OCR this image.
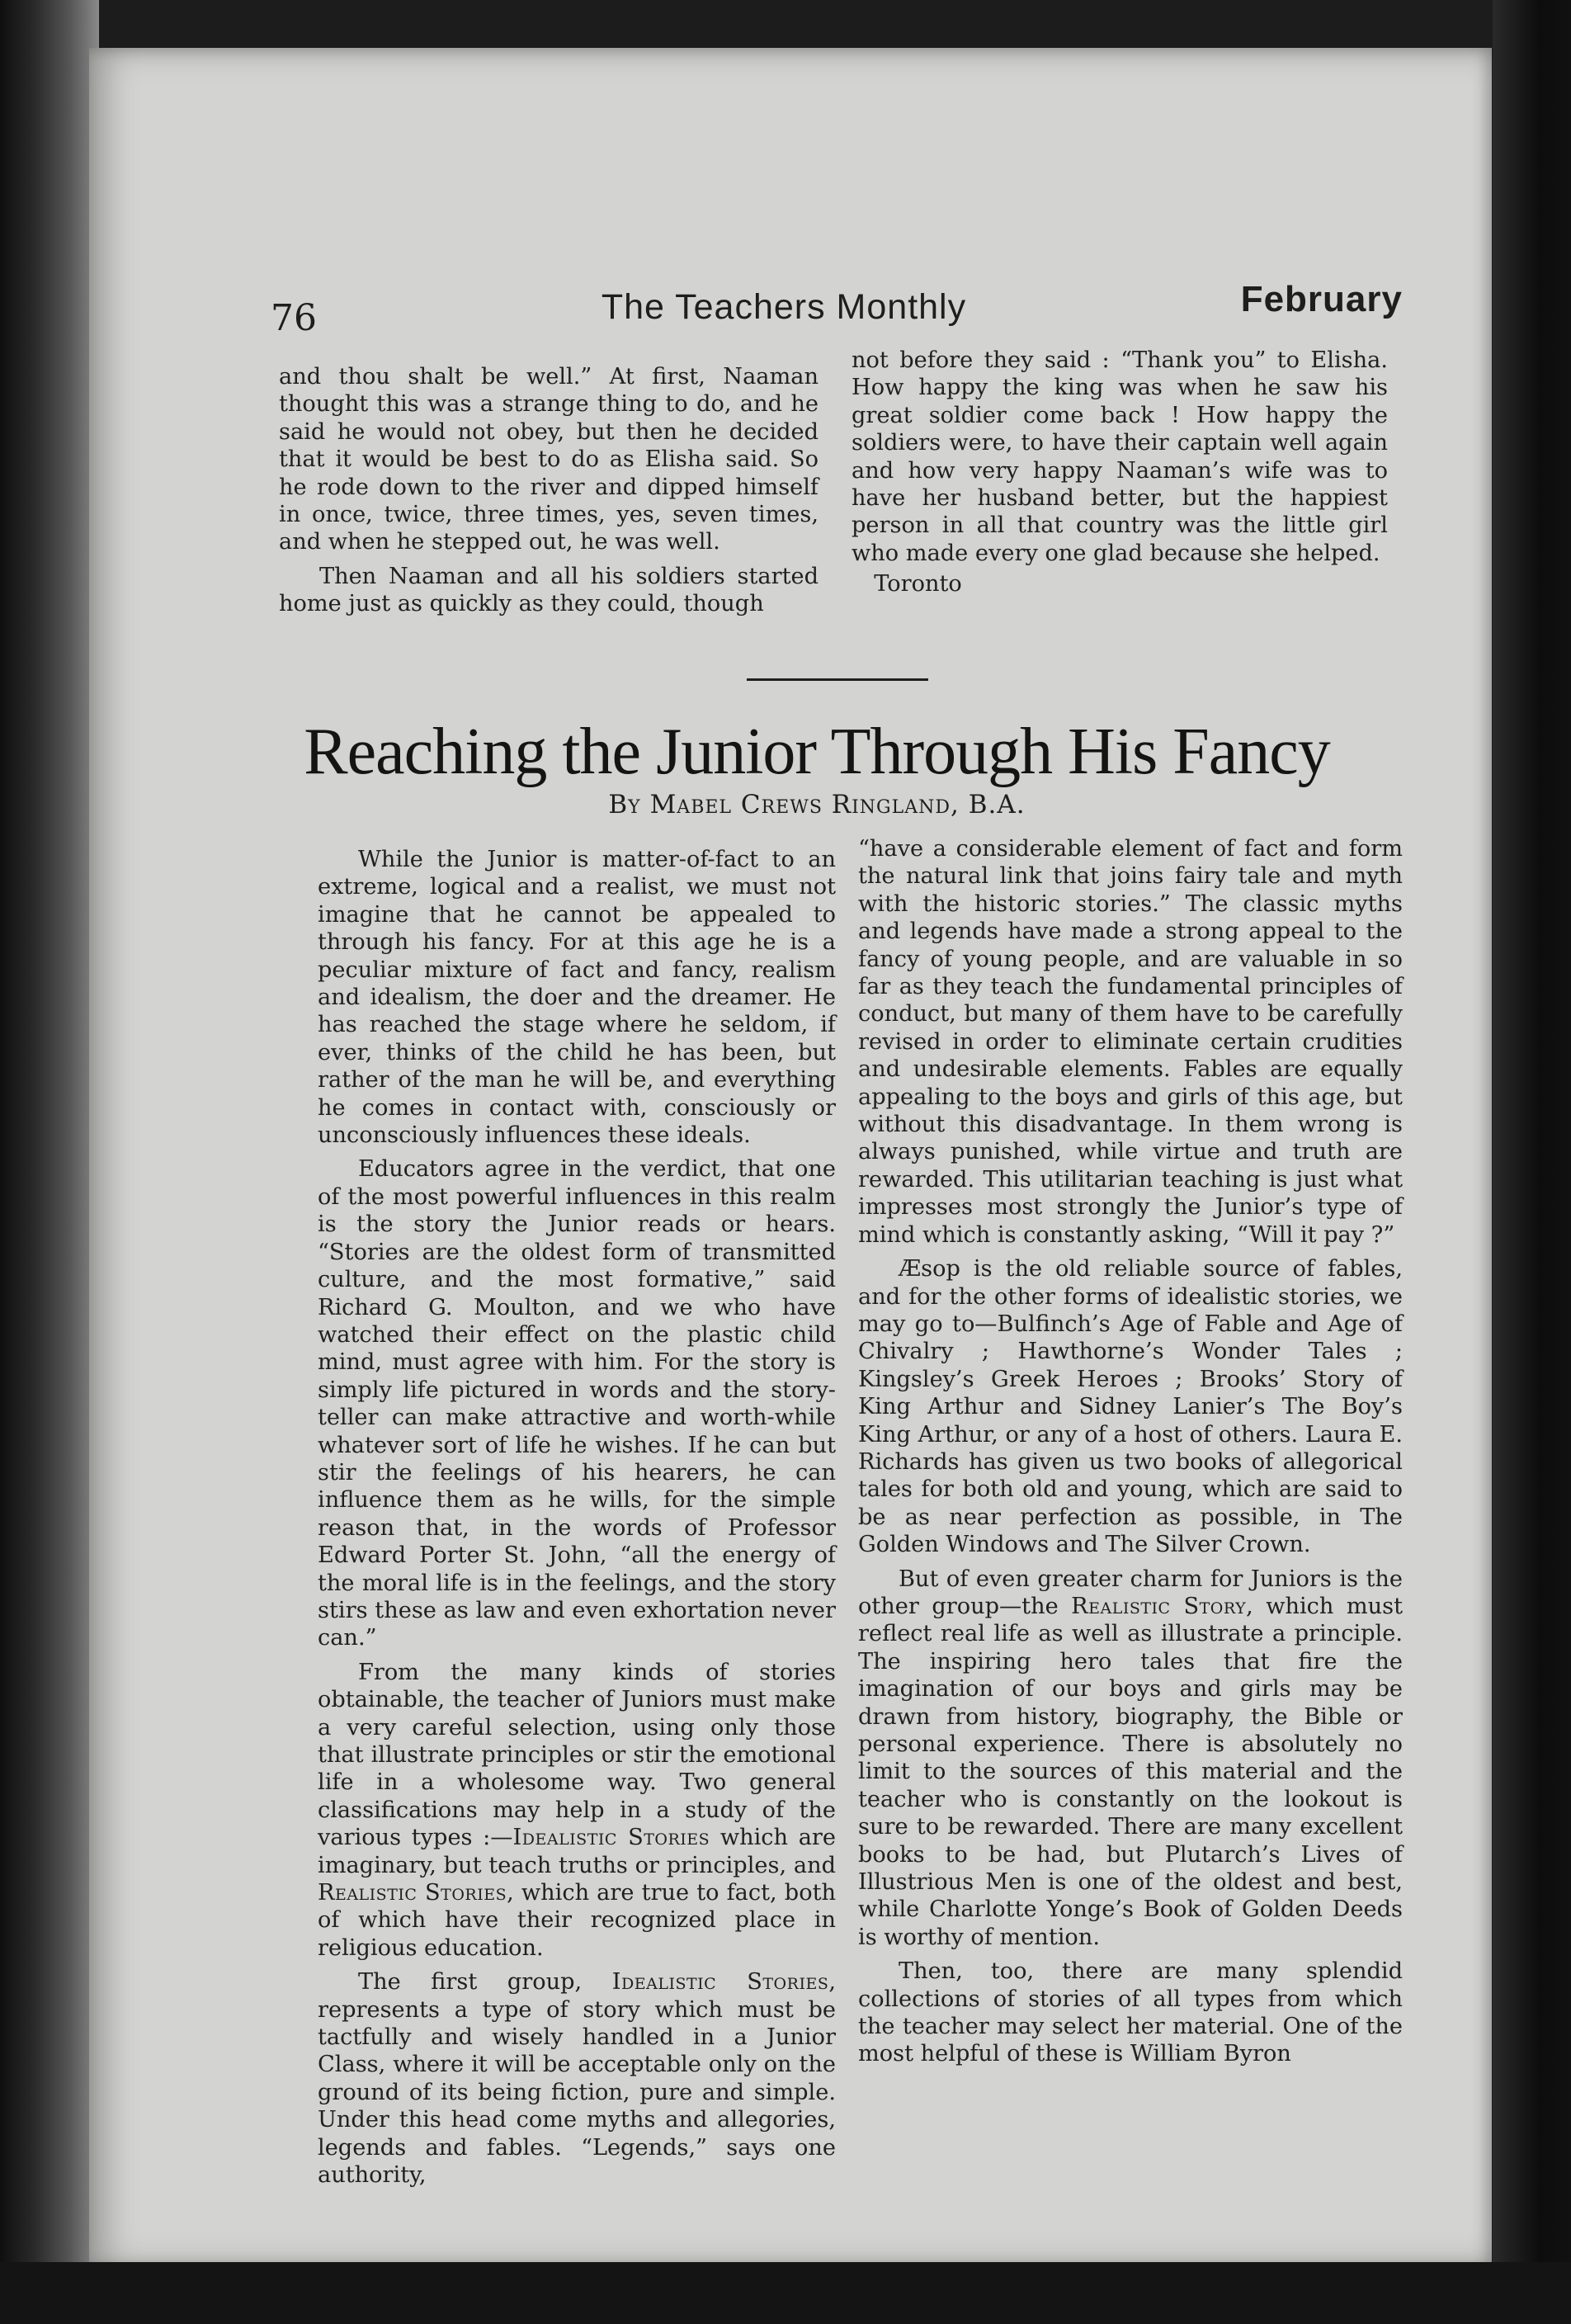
76	The Teachers Monthly	February

and thou shalt be well.” At first, Naaman thought this was a strange thing to do, and he said he would not obey, but then he decided that it would be best to do as Elisha said. So he rode down to the river and dipped himself in once, twice, three times, yes, seven times, and when he stepped out, he was well.

Then Naaman and all his soldiers started home just as quickly as they could, though

not before they said : “Thank you” to Elisha. How happy the king was when he saw his great soldier come back ! How happy the soldiers were, to have their captain well again and how very happy Naaman’s wife was to have her husband better, but the happiest person in all that country was the little girl who made every one glad because she helped.

Toronto

Reaching the Junior Through His Fancy
By Mabel Crews Ringland, B.A.

While the Junior is matter-of-fact to an extreme, logical and a realist, we must not imagine that he cannot be appealed to through his fancy. For at this age he is a peculiar mixture of fact and fancy, realism and idealism, the doer and the dreamer. He has reached the stage where he seldom, if ever, thinks of the child he has been, but rather of the man he will be, and everything he comes in contact with, consciously or unconsciously influences these ideals.

Educators agree in the verdict, that one of the most powerful influences in this realm is the story the Junior reads or hears. “Stories are the oldest form of transmitted culture, and the most formative,” said Richard G. Moulton, and we who have watched their effect on the plastic child mind, must agree with him. For the story is simply life pictured in words and the story-teller can make attractive and worth-while whatever sort of life he wishes. If he can but stir the feelings of his hearers, he can influence them as he wills, for the simple reason that, in the words of Professor Edward Porter St. John, “all the energy of the moral life is in the feelings, and the story stirs these as law and even exhortation never can.”

From the many kinds of stories obtainable, the teacher of Juniors must make a very careful selection, using only those that illustrate principles or stir the emotional life in a wholesome way. Two general classifications may help in a study of the various types :—Idealistic Stories which are imaginary, but teach truths or principles, and Realistic Stories, which are true to fact, both of which have their recognized place in religious education.

The first group, Idealistic Stories, represents a type of story which must be tactfully and wisely handled in a Junior Class, where it will be acceptable only on the ground of its being fiction, pure and simple. Under this head come myths and allegories, legends and fables. “Legends,” says one authority,

“have a considerable element of fact and form the natural link that joins fairy tale and myth with the historic stories.” The classic myths and legends have made a strong appeal to the fancy of young people, and are valuable in so far as they teach the fundamental principles of conduct, but many of them have to be carefully revised in order to eliminate certain crudities and undesirable elements. Fables are equally appealing to the boys and girls of this age, but without this disadvantage. In them wrong is always punished, while virtue and truth are rewarded. This utilitarian teaching is just what impresses most strongly the Junior’s type of mind which is constantly asking, “Will it pay ?”

Æsop is the old reliable source of fables, and for the other forms of idealistic stories, we may go to—Bulfinch’s Age of Fable and Age of Chivalry ; Hawthorne’s Wonder Tales ; Kingsley’s Greek Heroes ; Brooks’ Story of King Arthur and Sidney Lanier’s The Boy’s King Arthur, or any of a host of others. Laura E. Richards has given us two books of allegorical tales for both old and young, which are said to be as near perfection as possible, in The Golden Windows and The Silver Crown.

But of even greater charm for Juniors is the other group—the Realistic Story, which must reflect real life as well as illustrate a principle. The inspiring hero tales that fire the imagination of our boys and girls may be drawn from history, biography, the Bible or personal experience. There is absolutely no limit to the sources of this material and the teacher who is constantly on the lookout is sure to be rewarded. There are many excellent books to be had, but Plutarch’s Lives of Illustrious Men is one of the oldest and best, while Charlotte Yonge’s Book of Golden Deeds is worthy of mention.

Then, too, there are many splendid collections of stories of all types from which the teacher may select her material. One of the most helpful of these is William Byron
